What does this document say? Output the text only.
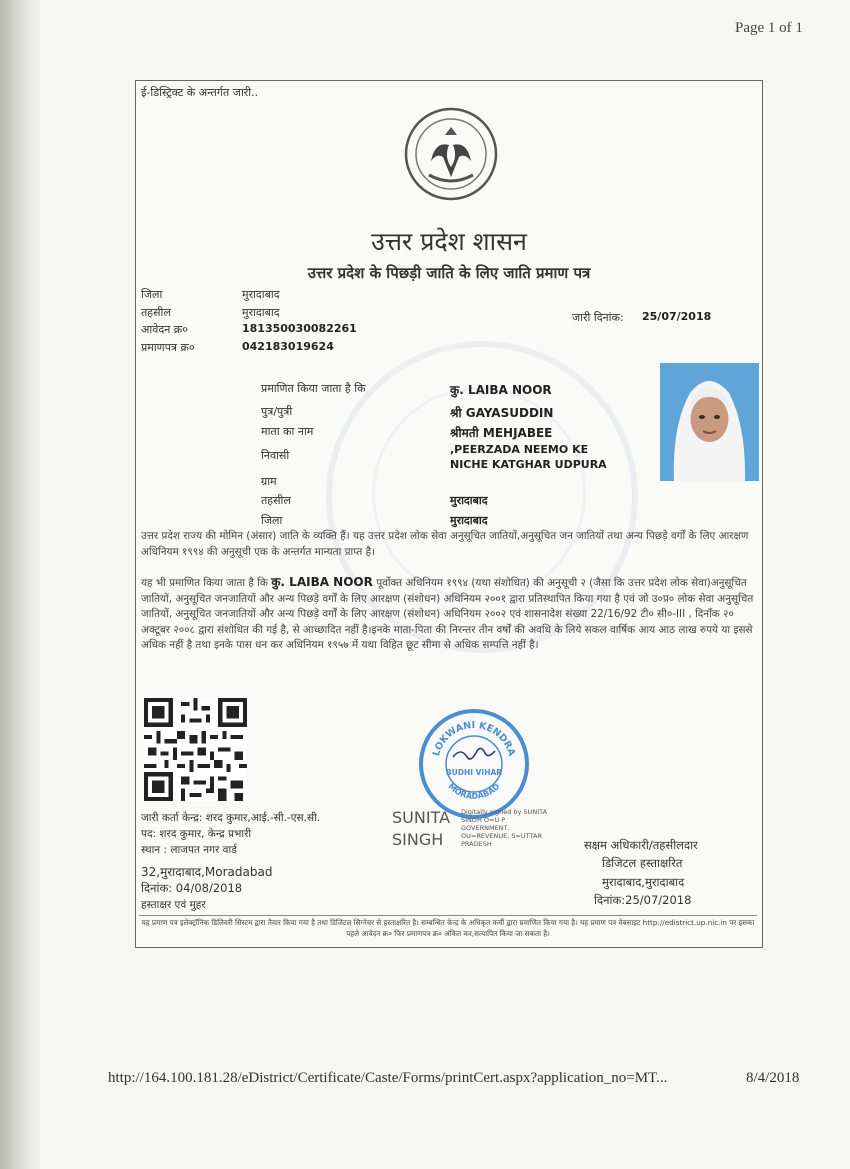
Page 1 of 1
ई-डिस्ट्रिक्ट के अन्तर्गत जारी..
उत्तर प्रदेश शासन
उत्तर प्रदेश के पिछड़ी जाति के लिए जाति प्रमाण पत्र
जिला	मुरादाबाद
तहसील	मुरादाबाद
आवेदन क्र०	181350030082261
प्रमाणपत्र क्र०	042183019624
जारी दिनांक: 25/07/2018
प्रमाणित किया जाता है कि	कु. LAIBA NOOR
पुत्र/पुत्री	श्री GAYASUDDIN
माता का नाम	श्रीमती MEHJABEE
निवासी	,PEERZADA NEEMO KE
NICHE KATGHAR UDPURA
ग्राम
तहसील	मुरादाबाद
जिला	मुरादाबाद
उत्तर प्रदेश राज्य की मोमिन (अंसार) जाति के व्यक्ति हैं। यह उत्तर प्रदेश लोक सेवा अनुसूचित जातियों,अनुसूचित जन जातियों तथा अन्य पिछड़े वर्गों के लिए आरक्षण अधिनियम १९९४ की अनुसूची एक के अन्तर्गत मान्यता प्राप्त है।
यह भी प्रमाणित किया जाता है कि कु. LAIBA NOOR पूर्वोक्त अधिनियम १९९४ (यथा संशोधित) की अनुसूची २ (जैसा कि उत्तर प्रदेश लोक सेवा)अनुसूचित जातियों, अनुसूचित जनजातियों और अन्य पिछड़े वर्गों के लिए आरक्षण (संशोधन) अधिनियम २००१ द्वारा प्रतिस्थापित किया गया है एवं जो उ०प्र० लोक सेवा अनुसूचित जातियों, अनुसूचित जनजातियों और अन्य पिछड़े वर्गों के लिए आरक्षण (संशोधन) अधिनियम २००२ एवं शासनादेश संख्या 22/16/92 टी० सी०-III , दिनाँक २० अक्टूबर २००८ द्वारा संशोधित की गई है, से आच्छादित नहीं है।इनके माता-पिता की निरन्तर तीन वर्षों की अवधि के लिये सकल वार्षिक आय आठ लाख रुपये या इससे अधिक नहीं है तथा इनके पास धन कर अधिनियम १९५७ में यथा विहित छूट सीमा से अधिक सम्पत्ति नहीं है।
LOKWANI KENDRA
MORADABAD
BUDHI VIHAR
जारी कर्ता केन्द्र: शरद कुमार,आई.-सी.-एस.सी.
पद: शरद कुमार, केन्द्र प्रभारी
स्थान : लाजपत नगर वार्ड
32,मुरादाबाद,Moradabad
दिनांक: 04/08/2018
हस्ताक्षर एवं मुहर
SUNITA
SINGH
Digitally signed by SUNITA SINGH O=U P GOVERNMENT, OU=REVENUE, S=UTTAR PRADESH	सक्षम अधिकारी/तहसीलदार
डिजिटल हस्ताक्षरित
मुरादाबाद,मुरादाबाद
दिनांक:25/07/2018
यह प्रमाण पत्र इलेक्ट्रॉनिक डिलिवरी सिस्टम द्वारा तैयार किया गया है तथा डिजिटल सिग्नेचर से हस्ताक्षरित है। सम्बन्धित केन्द्र के अधिकृत कर्मी द्वारा प्रमाणित किया गया है। यह प्रमाण पत्र वेबसाइट http://edistrict.up.nic.in पर इसका पहले आवेदन क्र० फिर प्रमाणपत्र क्र० अंकित कर,सत्यापित किया जा सकता है।
http://164.100.181.28/eDistrict/Certificate/Caste/Forms/printCert.aspx?application_no=MT...	8/4/2018
